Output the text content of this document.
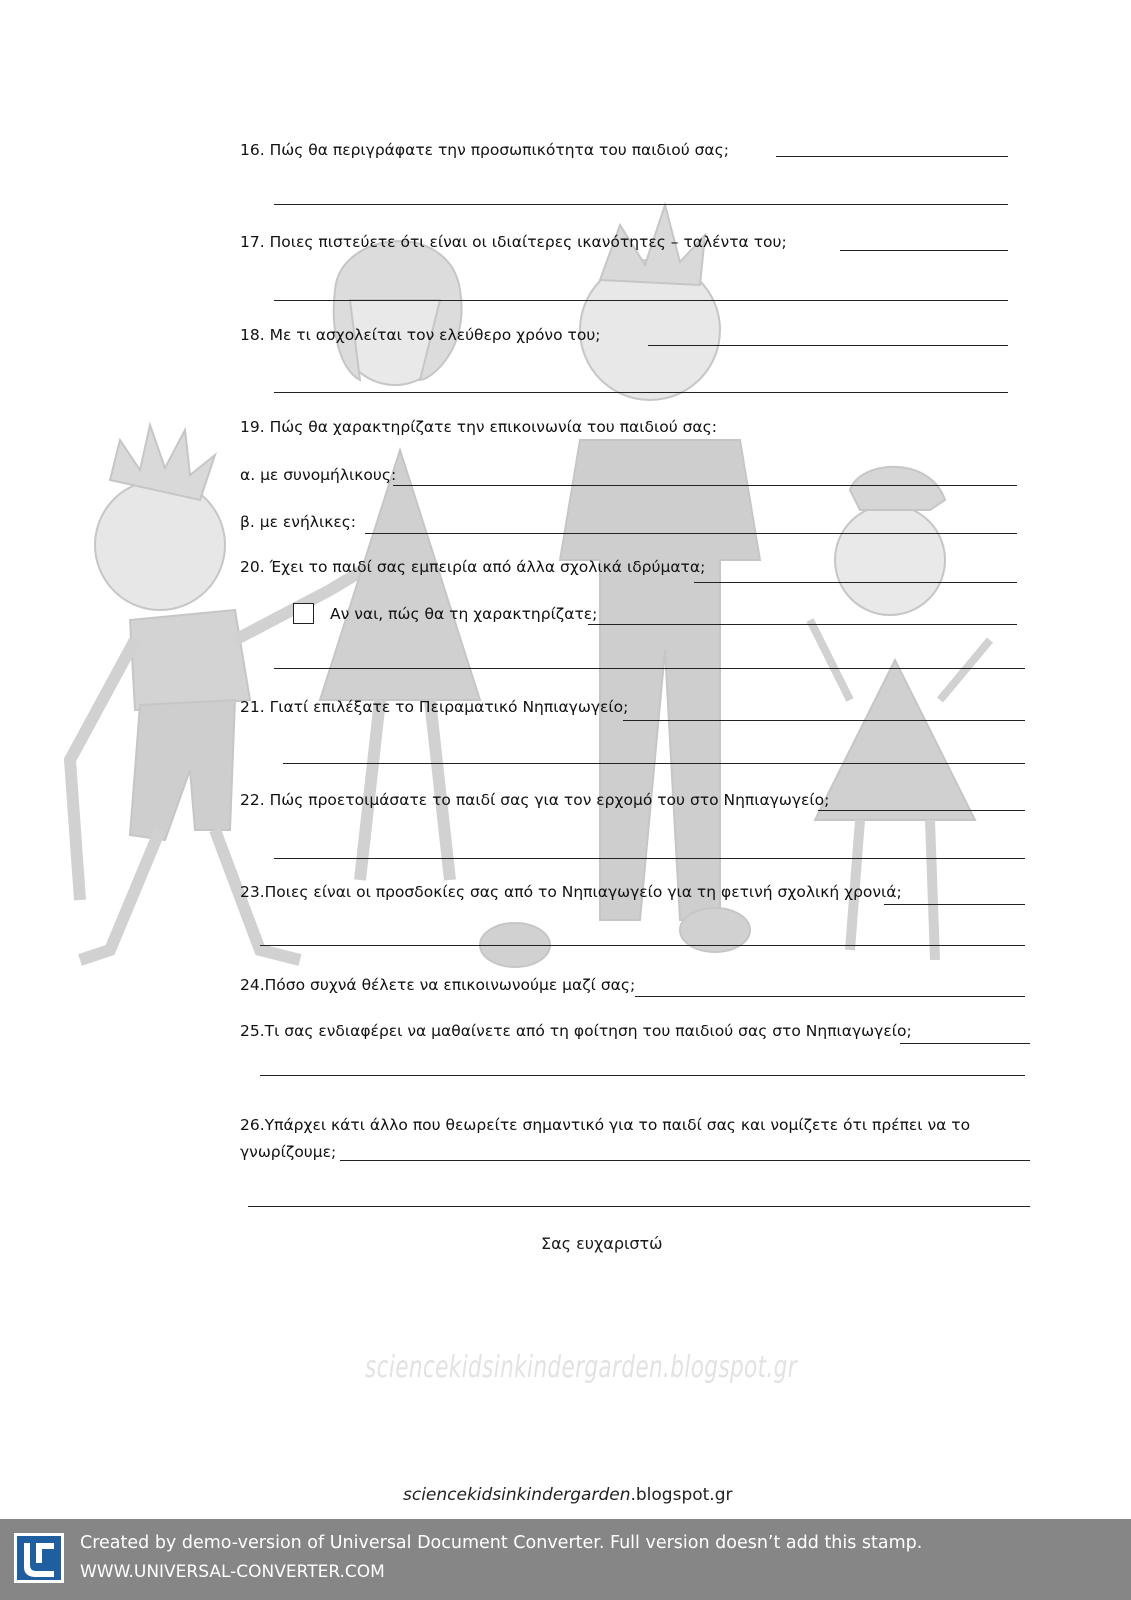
16. Πώς θα περιγράφατε την προσωπικότητα του παιδιού σας;
17. Ποιες πιστεύετε ότι είναι οι ιδιαίτερες ικανότητες – ταλέντα του;
18. Με τι ασχολείται τον ελεύθερο χρόνο του;
19. Πώς θα χαρακτηρίζατε την επικοινωνία του παιδιού σας:
α. με συνομήλικους:
β. με ενήλικες:
20. Έχει το παιδί σας εμπειρία από άλλα σχολικά ιδρύματα;
Αν ναι, πώς θα τη χαρακτηρίζατε;
21. Γιατί επιλέξατε το Πειραματικό Νηπιαγωγείο;
22. Πώς προετοιμάσατε το παιδί σας για τον ερχομό του στο Νηπιαγωγείο;
23.Ποιες είναι οι προσδοκίες σας από το Νηπιαγωγείο για τη φετινή σχολική χρονιά;
24.Πόσο συχνά θέλετε να επικοινωνούμε μαζί σας;
25.Τι σας ενδιαφέρει να μαθαίνετε από τη φοίτηση του παιδιού σας στο Νηπιαγωγείο;
26.Υπάρχει κάτι άλλο που θεωρείτε σημαντικό για το παιδί σας και νομίζετε ότι πρέπει να το
γνωρίζουμε;
Σας ευχαριστώ
sciencekidsinkindergarden.blogspot.gr
sciencekidsinkindergarden.blogspot.gr
Created by demo-version of Universal Document Converter. Full version doesn’t add this stamp.
WWW.UNIVERSAL-CONVERTER.COM
